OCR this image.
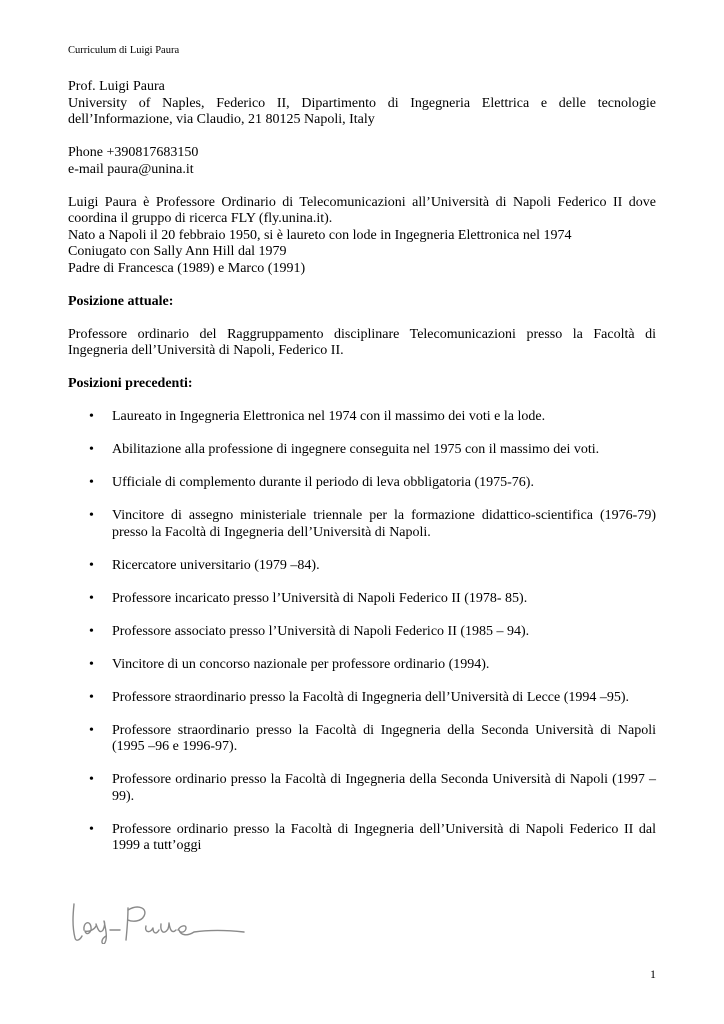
Curriculum di Luigi Paura

Prof. Luigi Paura

University of Naples, Federico II, Dipartimento di Ingegneria Elettrica e delle tecnologie dell’Informazione, via Claudio, 21 80125 Napoli, Italy

Phone +390817683150

e-mail paura@unina.it

Luigi Paura è Professore Ordinario di Telecomunicazioni all’Università di Napoli Federico II dove coordina il gruppo di ricerca FLY (fly.unina.it).

Nato a Napoli il 20 febbraio 1950, si è laureto con lode in Ingegneria Elettronica nel 1974

Coniugato con Sally Ann Hill dal 1979

Padre di Francesca (1989) e Marco (1991)

Posizione attuale:

Professore ordinario del Raggruppamento disciplinare Telecomunicazioni presso la Facoltà di Ingegneria dell’Università di Napoli, Federico II.

Posizioni precedenti:
• Laureato in Ingegneria Elettronica nel 1974 con il massimo dei voti e la lode.
• Abilitazione alla professione di ingegnere conseguita nel 1975 con il massimo dei voti.
• Ufficiale di complemento durante il periodo di leva obbligatoria (1975-76).
• Vincitore di assegno ministeriale triennale per la formazione didattico-scientifica (1976-79) presso la Facoltà di Ingegneria dell’Università di Napoli.
• Ricercatore universitario (1979 –84).
• Professore incaricato presso l’Università di Napoli Federico II (1978- 85).
• Professore associato presso l’Università di Napoli Federico II (1985 – 94).
• Vincitore di un concorso nazionale per professore ordinario (1994).
• Professore straordinario presso la Facoltà di Ingegneria dell’Università di Lecce (1994 –95).
• Professore straordinario presso la Facoltà di Ingegneria della Seconda Università di Napoli (1995 –96 e 1996-97).
• Professore ordinario presso la Facoltà di Ingegneria della Seconda Università di Napoli (1997 –99).
• Professore ordinario presso la Facoltà di Ingegneria dell’Università di Napoli Federico II dal 1999 a tutt’oggi
1
